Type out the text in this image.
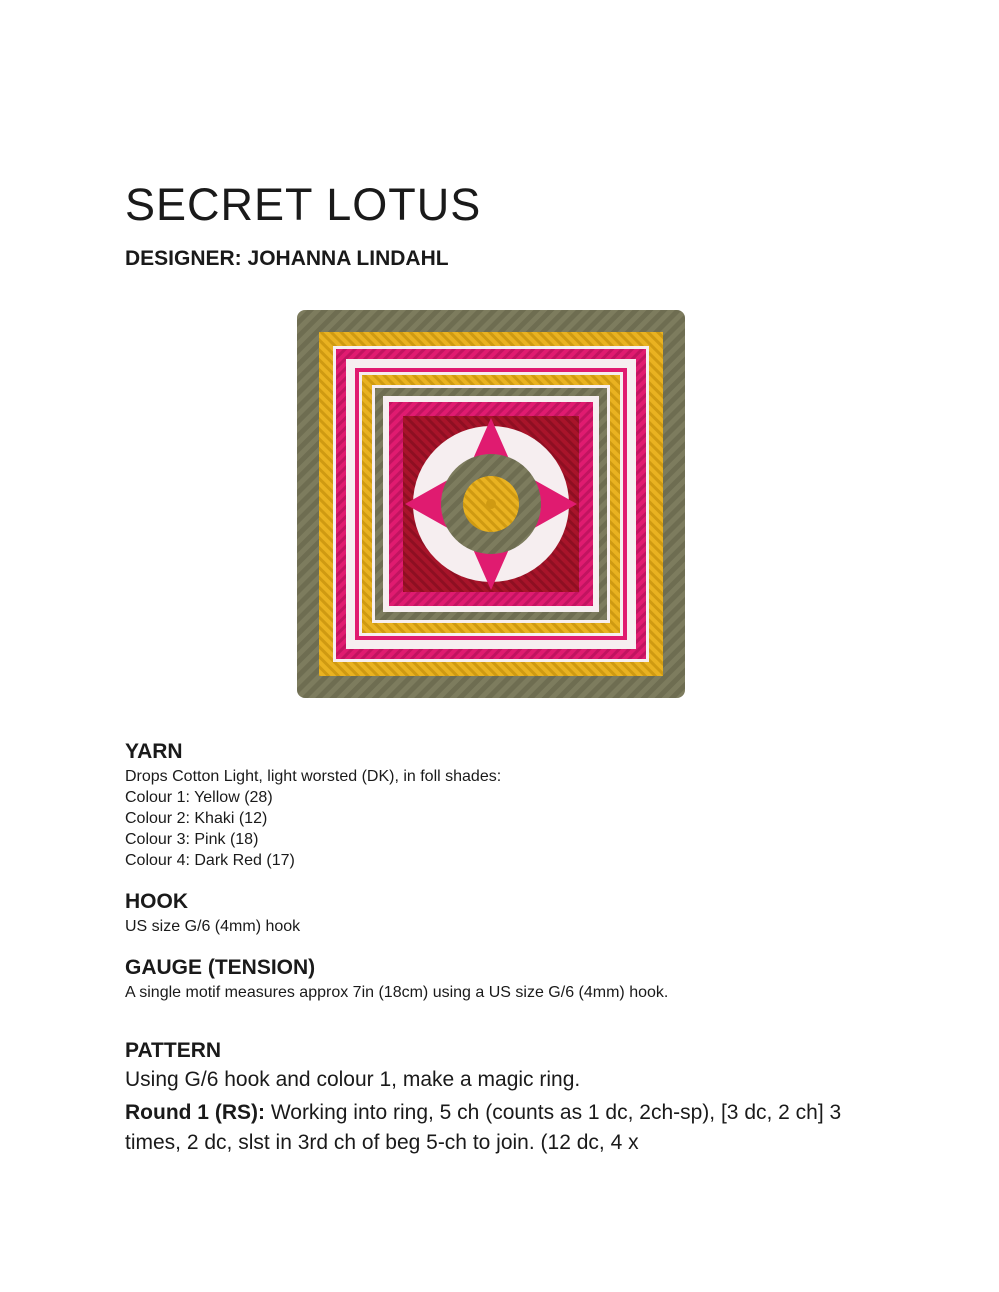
SECRET LOTUS
DESIGNER: JOHANNA LINDAHL
YARN
Drops Cotton Light, light worsted (DK), in foll shades:
Colour 1: Yellow (28)
Colour 2: Khaki (12)
Colour 3: Pink (18)
Colour 4: Dark Red (17)
HOOK
US size G/6 (4mm) hook
GAUGE (TENSION)
A single motif measures approx 7in (18cm) using a US size G/6 (4mm) hook.
PATTERN
Using G/6 hook and colour 1, make a magic ring.
Round 1 (RS): Working into ring, 5 ch (counts as 1 dc, 2ch-sp), [3 dc, 2 ch] 3 times, 2 dc, slst in 3rd ch of beg 5-ch to join. (12 dc, 4 x
